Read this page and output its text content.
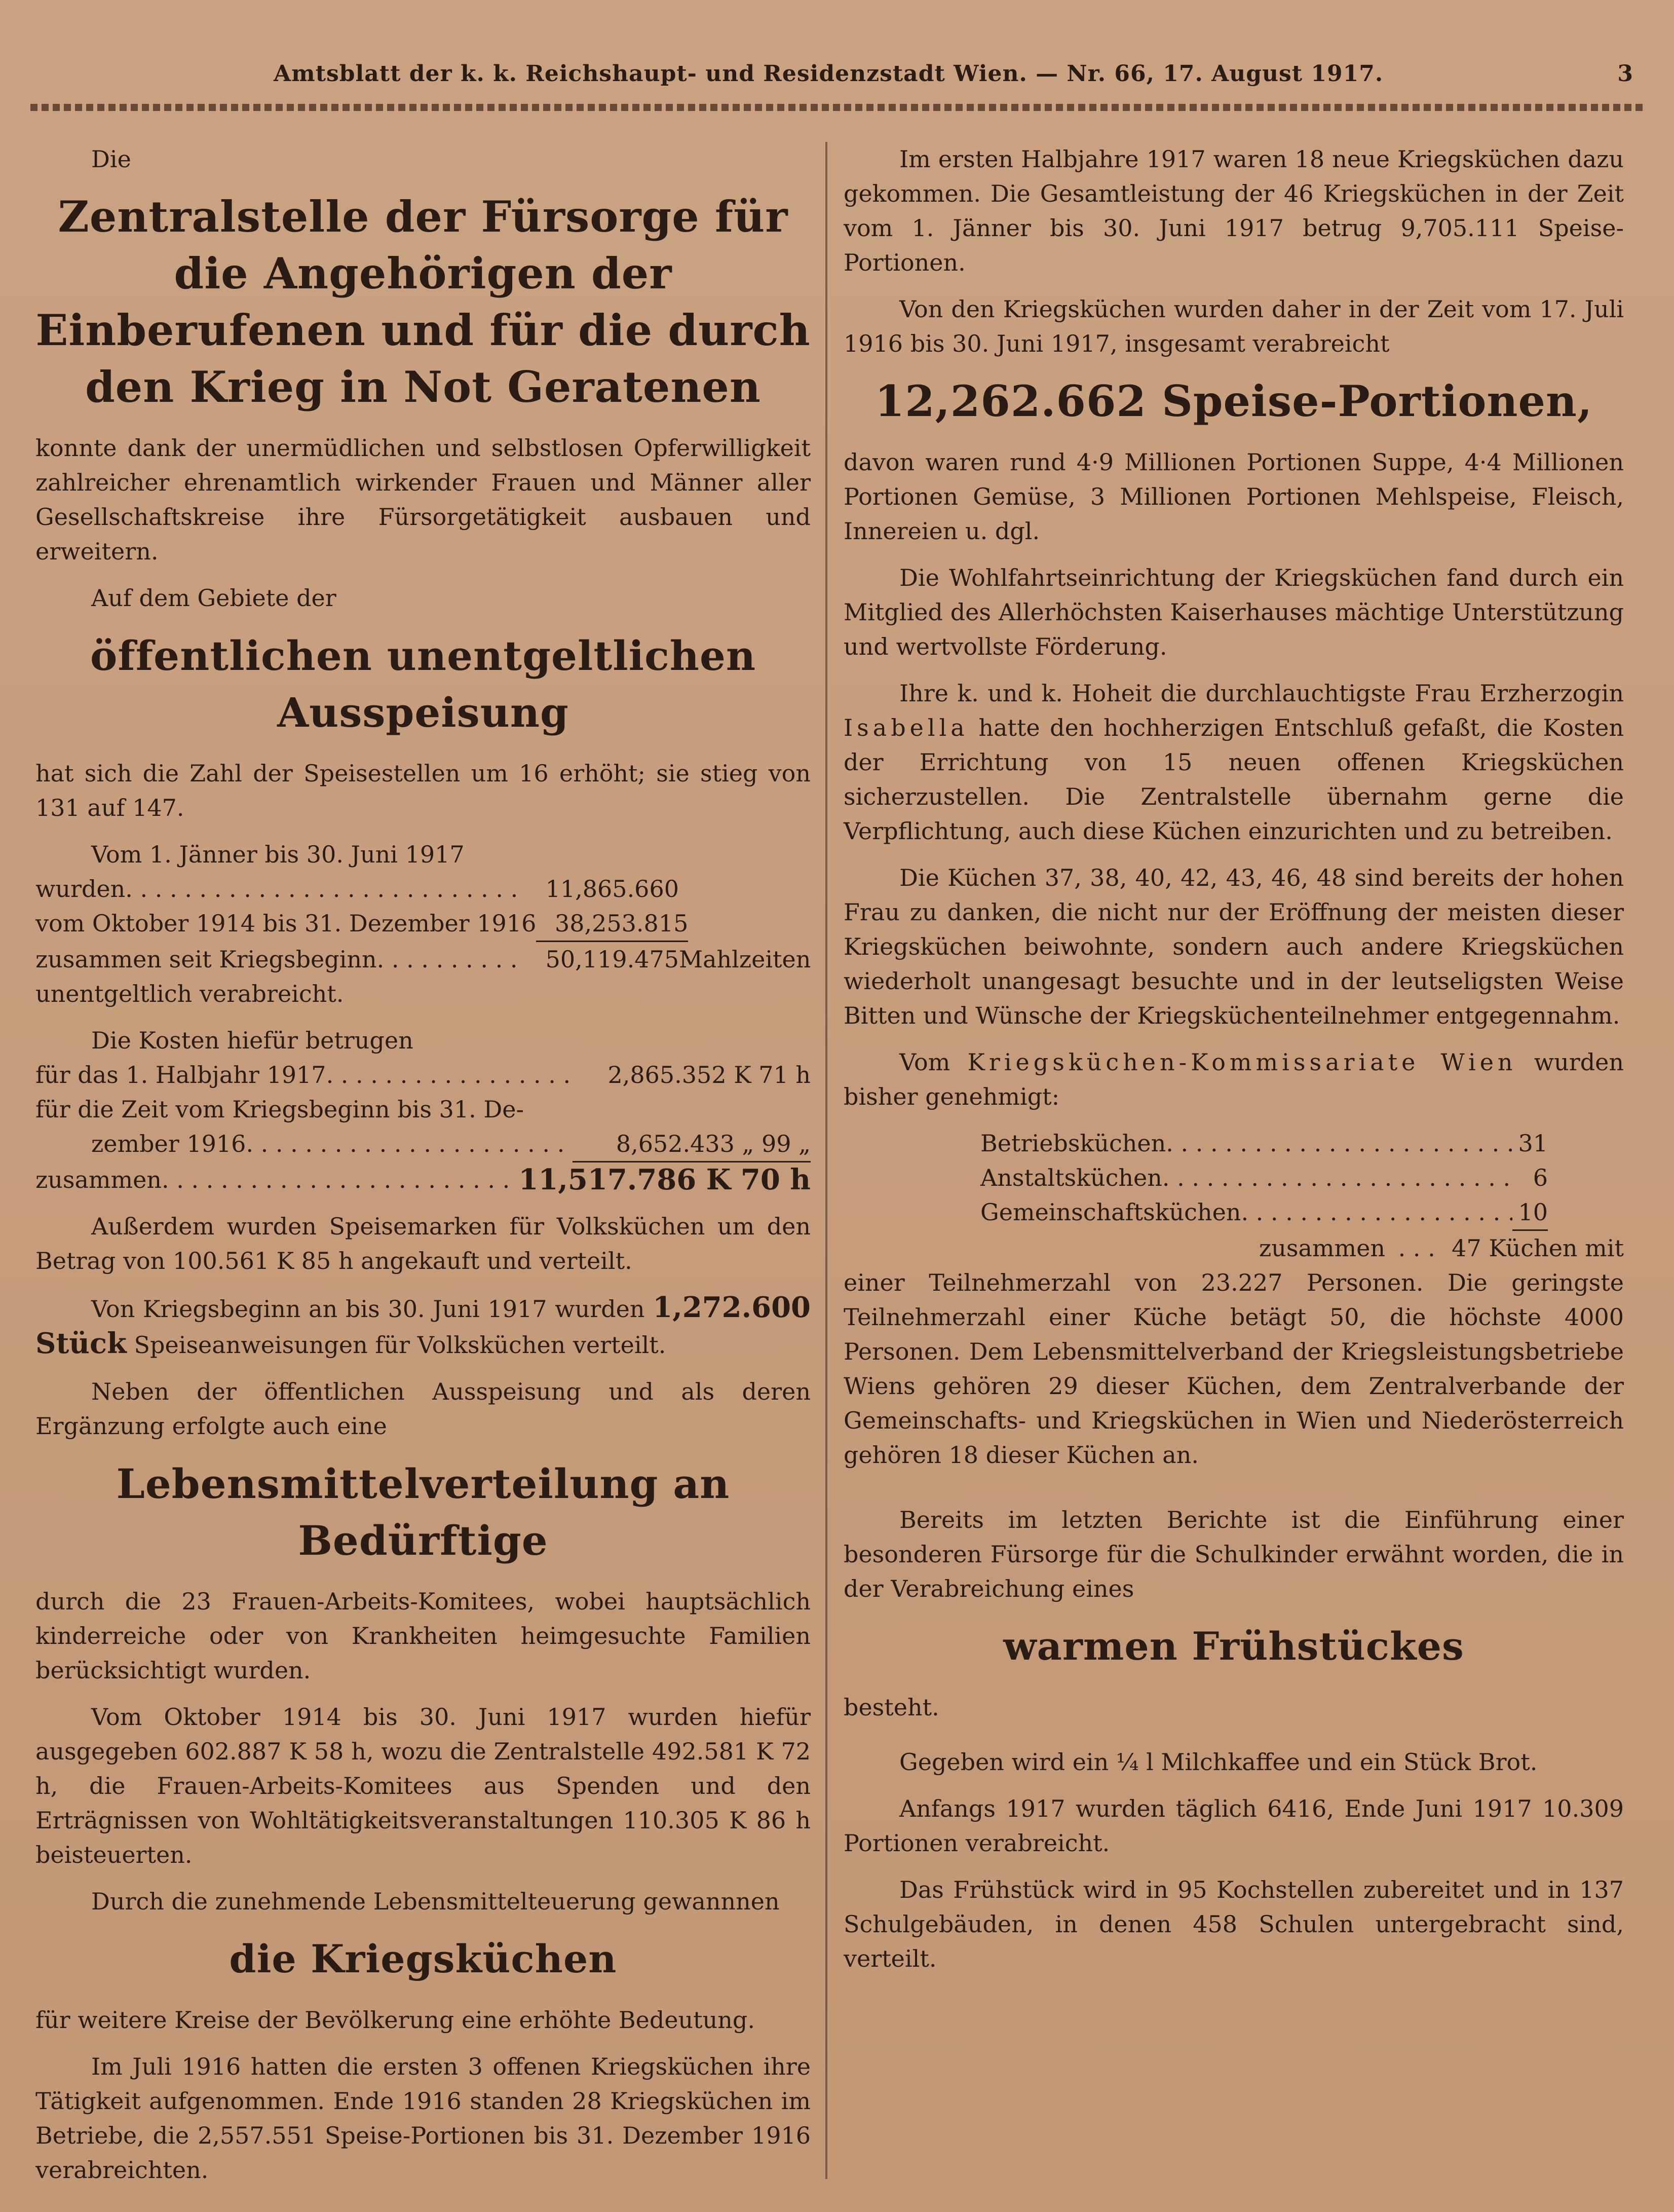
Amtsblatt der k. k. Reichshaupt- und Residenzstadt Wien. — Nr. 66, 17. August 1917.	3

Die

Zentralstelle der Fürsorge für die Angehörigen der Einberufenen und für die durch den Krieg in Not Geratenen

konnte dank der unermüdlichen und selbstlosen Opferwilligkeit zahlreicher ehrenamtlich wirkender Frauen und Männer aller Gesellschaftskreise ihre Fürsorgetätigkeit ausbauen und erweitern.

Auf dem Gebiete der

öffentlichen unentgeltlichen Ausspeisung

hat sich die Zahl der Speisestellen um 16 erhöht; sie stieg von 131 auf 147.

Vom 1. Jänner bis 30. Juni 1917
wurden . . .	11,865.660
vom Oktober 1914 bis 31. Dezember 1916 38,253.815
zusammen seit Kriegsbeginn . . .	50,119.475 Mahlzeiten
unentgeltlich verabreicht.
Die Kosten hiefür betrugen
für das 1. Halbjahr 1917 . . .	2,865.352 K 71 h
für die Zeit vom Kriegsbeginn bis 31. De-
zember 1916 . . .	8,652.433 „ 99 „
zusammen . . .	11,517.786 K 70 h

Außerdem wurden Speisemarken für Volksküchen um den Betrag von 100.561 K 85 h angekauft und verteilt.

Von Kriegsbeginn an bis 30. Juni 1917 wurden 1,272.600 Stück Speiseanweisungen für Volksküchen verteilt.

Neben der öffentlichen Ausspeisung und als deren Ergänzung erfolgte auch eine

Lebensmittelverteilung an Bedürftige

durch die 23 Frauen-Arbeits-Komitees, wobei hauptsächlich kinderreiche oder von Krankheiten heimgesuchte Familien berücksichtigt wurden.

Vom Oktober 1914 bis 30. Juni 1917 wurden hiefür ausgegeben 602.887 K 58 h, wozu die Zentralstelle 492.581 K 72 h, die Frauen-Arbeits-Komitees aus Spenden und den Erträgnissen von Wohltätigkeitsveranstaltungen 110.305 K 86 h beisteuerten.

Durch die zunehmende Lebensmittelteuerung gewannnen

die Kriegsküchen

für weitere Kreise der Bevölkerung eine erhöhte Bedeutung.

Im Juli 1916 hatten die ersten 3 offenen Kriegsküchen ihre Tätigkeit aufgenommen. Ende 1916 standen 28 Kriegsküchen im Betriebe, die 2,557.551 Speise-Portionen bis 31. Dezember 1916 verabreichten.

Im ersten Halbjahre 1917 waren 18 neue Kriegsküchen dazu gekommen. Die Gesamtleistung der 46 Kriegsküchen in der Zeit vom 1. Jänner bis 30. Juni 1917 betrug 9,705.111 Speise-Portionen.

Von den Kriegsküchen wurden daher in der Zeit vom 17. Juli 1916 bis 30. Juni 1917, insgesamt verabreicht

12,262.662 Speise-Portionen,

davon waren rund 4·9 Millionen Portionen Suppe, 4·4 Millionen Portionen Gemüse, 3 Millionen Portionen Mehlspeise, Fleisch, Innereien u. dgl.

Die Wohlfahrtseinrichtung der Kriegsküchen fand durch ein Mitglied des Allerhöchsten Kaiserhauses mächtige Unterstützung und wertvollste Förderung.

Ihre k. und k. Hoheit die durchlauchtigste Frau Erzherzogin Isabella hatte den hochherzigen Entschluß gefaßt, die Kosten der Errichtung von 15 neuen offenen Kriegsküchen sicherzustellen. Die Zentralstelle übernahm gerne die Verpflichtung, auch diese Küchen einzurichten und zu betreiben.

Die Küchen 37, 38, 40, 42, 43, 46, 48 sind bereits der hohen Frau zu danken, die nicht nur der Eröffnung der meisten dieser Kriegsküchen beiwohnte, sondern auch andere Kriegsküchen wiederholt unangesagt besuchte und in der leutseligsten Weise Bitten und Wünsche der Kriegsküchenteilnehmer entgegennahm.

Vom Kriegsküchen-Kommissariate Wien wurden bisher genehmigt:

Betriebsküchen . . .	31
Anstaltsküchen . . .	6
Gemeinschaftsküchen . . .	10
zusammen . . .	47 Küchen mit

einer Teilnehmerzahl von 23.227 Personen. Die geringste Teilnehmerzahl einer Küche betägt 50, die höchste 4000 Personen. Dem Lebensmittelverband der Kriegsleistungsbetriebe Wiens gehören 29 dieser Küchen, dem Zentralverbande der Gemeinschafts- und Kriegsküchen in Wien und Niederösterreich gehören 18 dieser Küchen an.

Bereits im letzten Berichte ist die Einführung einer besonderen Fürsorge für die Schulkinder erwähnt worden, die in der Verabreichung eines

warmen Frühstückes

besteht.

Gegeben wird ein ¼ l Milchkaffee und ein Stück Brot.

Anfangs 1917 wurden täglich 6416, Ende Juni 1917 10.309 Portionen verabreicht.

Das Frühstück wird in 95 Kochstellen zubereitet und in 137 Schulgebäuden, in denen 458 Schulen untergebracht sind, verteilt.
